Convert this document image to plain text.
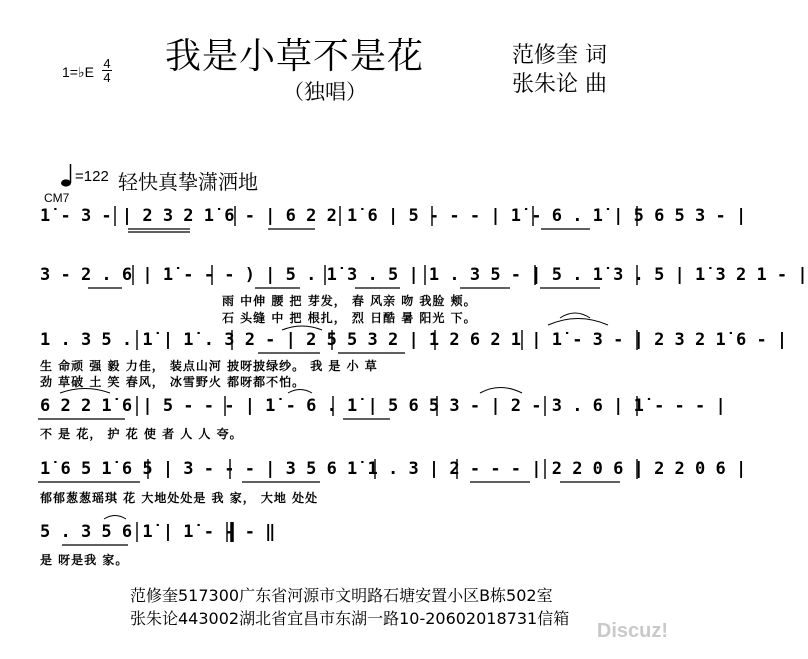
我是小草不是花
（独唱）
范修奎 词
张朱论 曲
1=♭E
4
4
=122 轻快真挚潇洒地
CM7
1̇ - 3 - | 2 3 2 1̇ 6 - | 6 2 2 1̇ 6 | 5 - - - | 1̇ - 6 . 1̇ | 5 6 5 3 - |
3 - 2 . 6 | 1̇ - - - ) | 5 . 1̇ 3 . 5 | 1 . 3 5 - | 5 . 1̇ 3 . 5 | 1̇ 3 2 1 - |
雨 中伸 腰 把 芽发， 春 风亲 吻 我脸 颊。
石 头缝 中 把 根扎， 烈 日酷 暑 阳光 下。
1 . 3 5 . 1̇ | 1̇ . 3 2 - | 2 5 5 3 2 | 1 2 6 2 1 | 1̇ - 3 - | 2 3 2 1̇ 6 - |
生 命顽 强 毅 力佳， 装点山河 披呀披绿纱。 我 是 小 草
劲 草破 土 笑 春风， 冰雪野火 都呀都不怕。
6 2 2 1̇ 6 | 5 - - - | 1̇ - 6 . 1̇ | 5 6 5 3 - | 2 - 3 . 6 | 1̇ - - - |
不 是 花， 护 花 使 者 人 人 夸。
1̇ 6 5 1̇ 6 5 | 3 - - - | 3 5 6 1̇ 1 . 3 | 2 - - - | 2 2 0 6 | 2 2 0 6 |
郁郁葱葱瑶琪 花 大地处处是 我 家， 大地 处处
5 . 3 5 6 1̇ | 1̇ - - - ‖
是 呀是我 家。
范修奎517300广东省河源市文明路石塘安置小区B栋502室
张朱论443002湖北省宜昌市东湖一路10-20602018731信箱
Discuz!
